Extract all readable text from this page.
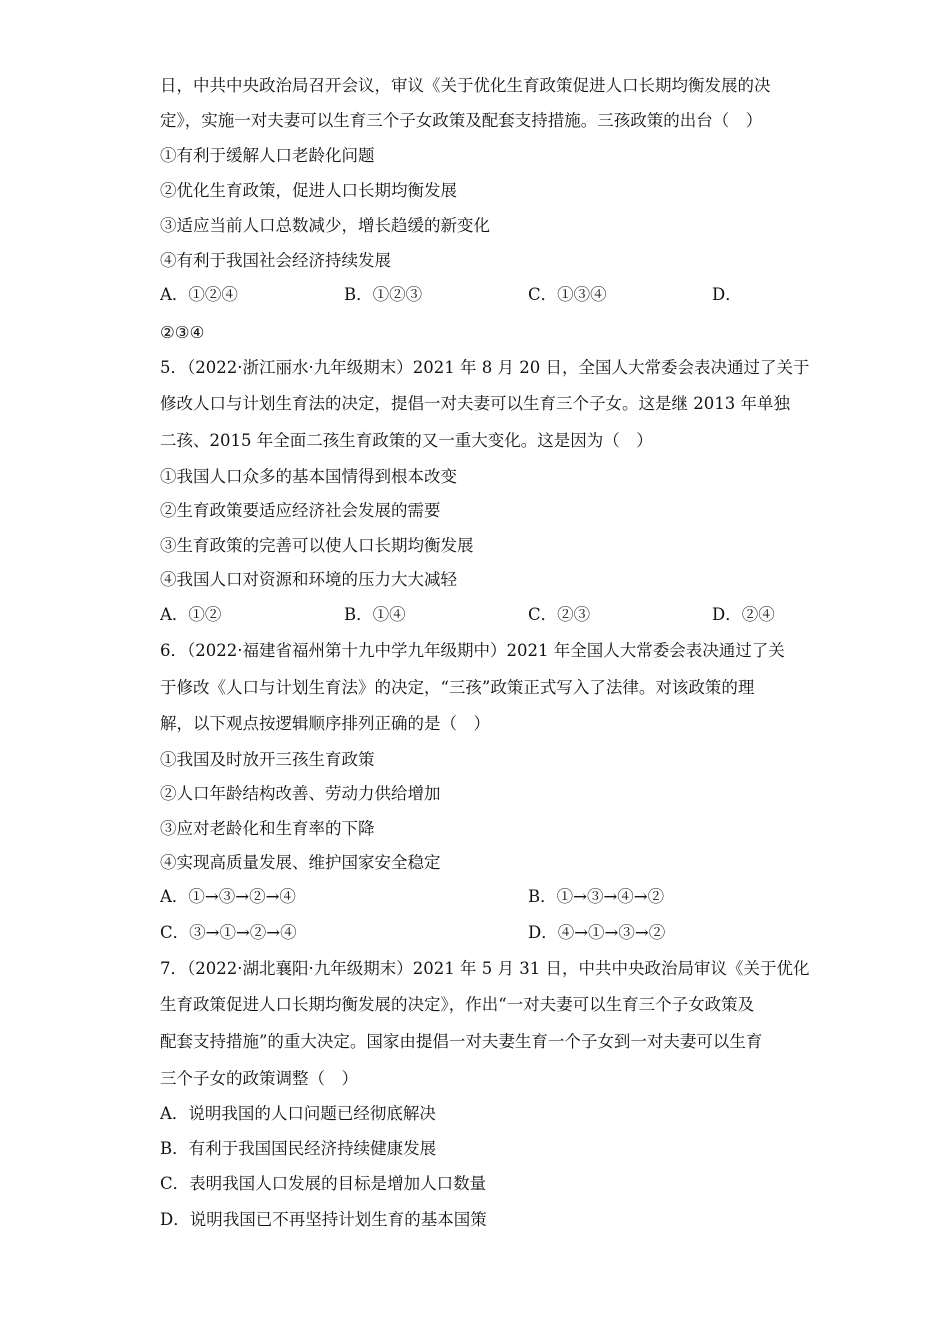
日，中共中央政治局召开会议，审议《关于优化生育政策促进人口长期均衡发展的决
定》，实施一对夫妻可以生育三个子女政策及配套支持措施。三孩政策的出台（　）
①有利于缓解人口老龄化问题
②优化生育政策，促进人口长期均衡发展
③适应当前人口总数减少，增长趋缓的新变化
④有利于我国社会经济持续发展
A．①②④	B．①②③	C．①③④	D．
②③④
5．（2022·浙江丽水·九年级期末）2021 年 8 月 20 日，全国人大常委会表决通过了关于
修改人口与计划生育法的决定，提倡一对夫妻可以生育三个子女。这是继 2013 年单独
二孩、2015 年全面二孩生育政策的又一重大变化。这是因为（　）
①我国人口众多的基本国情得到根本改变
②生育政策要适应经济社会发展的需要
③生育政策的完善可以使人口长期均衡发展
④我国人口对资源和环境的压力大大减轻
A．①②	B．①④	C．②③	D．②④
6．（2022·福建省福州第十九中学九年级期中）2021 年全国人大常委会表决通过了关
于修改《人口与计划生育法》的决定，“三孩”政策正式写入了法律。对该政策的理
解，以下观点按逻辑顺序排列正确的是（　）
①我国及时放开三孩生育政策
②人口年龄结构改善、劳动力供给增加
③应对老龄化和生育率的下降
④实现高质量发展、维护国家安全稳定
A．①→③→②→④	B．①→③→④→②
C．③→①→②→④	D．④→①→③→②
7．（2022·湖北襄阳·九年级期末）2021 年 5 月 31 日，中共中央政治局审议《关于优化
生育政策促进人口长期均衡发展的决定》，作出“一对夫妻可以生育三个子女政策及
配套支持措施”的重大决定。国家由提倡一对夫妻生育一个子女到一对夫妻可以生育
三个子女的政策调整（　）
A．说明我国的人口问题已经彻底解决
B．有利于我国国民经济持续健康发展
C．表明我国人口发展的目标是增加人口数量
D．说明我国已不再坚持计划生育的基本国策
